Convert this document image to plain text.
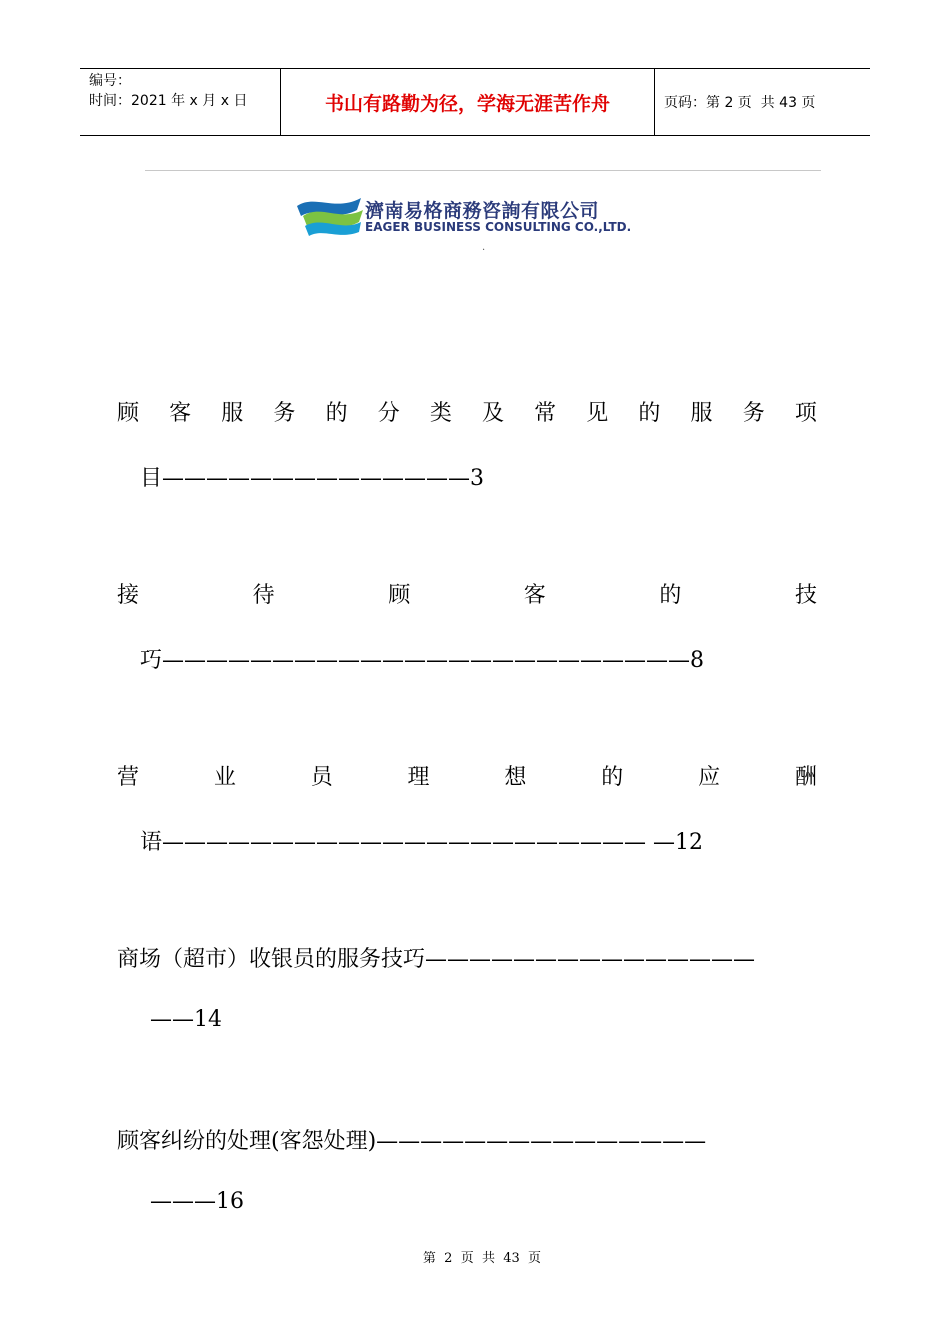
编号：
时间：2021 年 x 月 x 日	书山有路勤为径，学海无涯苦作舟	页码：第 2 页  共 43 页
濟南易格商務咨詢有限公司
EAGER BUSINESS CONSULTING CO.,LTD.
.
顾 客 服 务 的 分 类 及 常 见 的 服 务 项
目——————————————3
接	待	顾	客	的	技
巧————————————————————————8
营	业	员	理	想	的	应	酬
语—————————————————————— —12
商场（超市）收银员的服务技巧———————————————
——14
顾客纠纷的处理(客怨处理)———————————————
———16
第  2  页  共  43  页
